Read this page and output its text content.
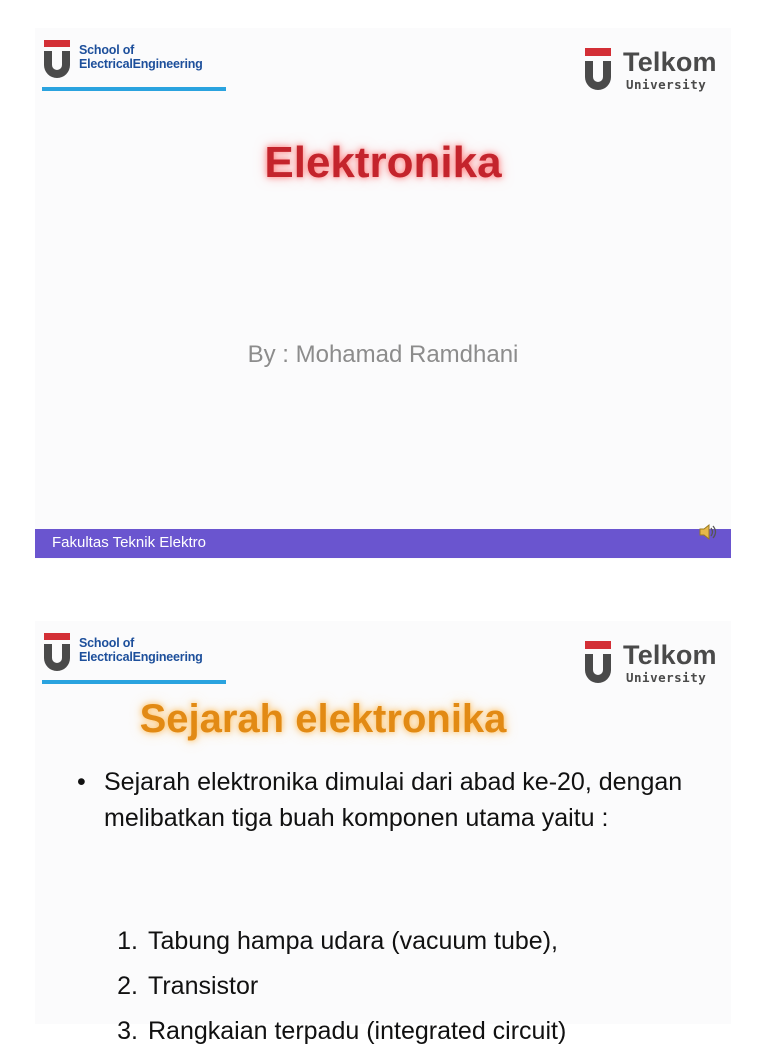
School of
ElectricalEngineering	Telkom
University
Elektronika
By : Mohamad Ramdhani
Fakultas Teknik Elektro
School of
ElectricalEngineering	Telkom
University
Sejarah elektronika
• Sejarah elektronika dimulai dari abad ke-20, dengan melibatkan tiga buah komponen utama yaitu :
1. Tabung hampa udara (vacuum tube),
2. Transistor
3. Rangkaian terpadu (integrated circuit)
